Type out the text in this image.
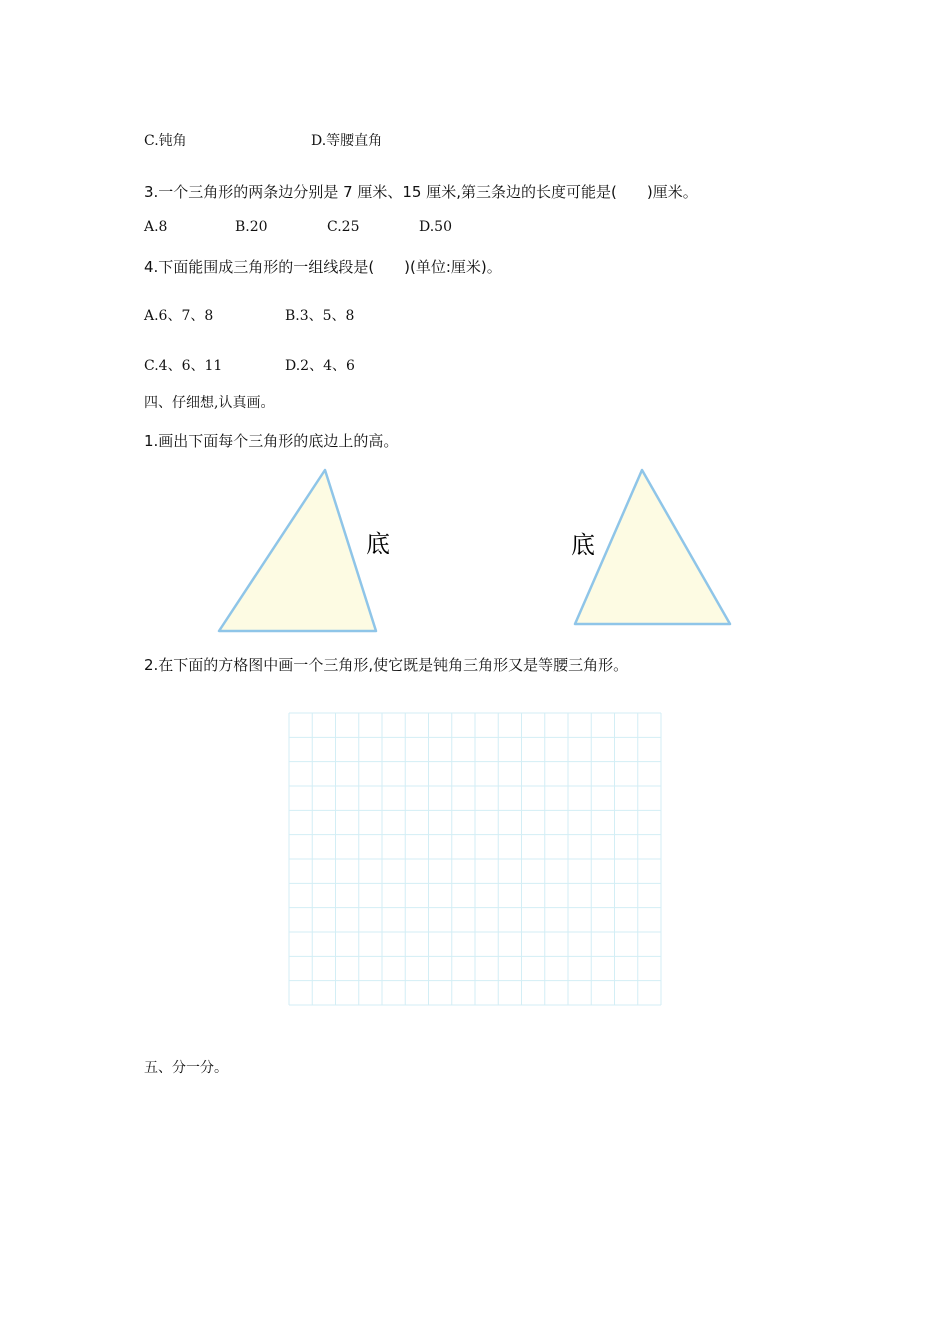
C.钝角	D.等腰直角
3.一个三角形的两条边分别是 7 厘米、15 厘米,第三条边的长度可能是(　　)厘米。
A.8	B.20	C.25	D.50
4.下面能围成三角形的一组线段是(　　)(单位:厘米)。
A.6、7、8	B.3、5、8
C.4、6、11	D.2、4、6
四、仔细想,认真画。
1.画出下面每个三角形的底边上的高。
底	底
2.在下面的方格图中画一个三角形,使它既是钝角三角形又是等腰三角形。
五、分一分。
